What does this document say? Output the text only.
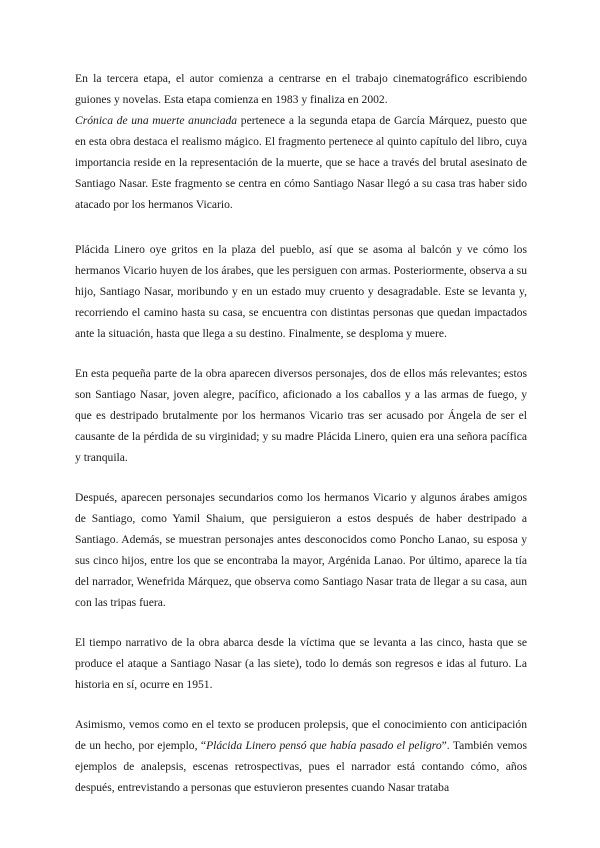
En la tercera etapa, el autor comienza a centrarse en el trabajo cinematográfico escribiendo guiones y novelas. Esta etapa comienza en 1983 y finaliza en 2002.

Crónica de una muerte anunciada pertenece a la segunda etapa de García Márquez, puesto que en esta obra destaca el realismo mágico. El fragmento pertenece al quinto capítulo del libro, cuya importancia reside en la representación de la muerte, que se hace a través del brutal asesinato de Santiago Nasar. Este fragmento se centra en cómo Santiago Nasar llegó a su casa tras haber sido atacado por los hermanos Vicario.

Plácida Linero oye gritos en la plaza del pueblo, así que se asoma al balcón y ve cómo los hermanos Vicario huyen de los árabes, que les persiguen con armas. Posteriormente, observa a su hijo, Santiago Nasar, moribundo y en un estado muy cruento y desagradable. Este se levanta y, recorriendo el camino hasta su casa, se encuentra con distintas personas que quedan impactados ante la situación, hasta que llega a su destino. Finalmente, se desploma y muere.

En esta pequeña parte de la obra aparecen diversos personajes, dos de ellos más relevantes; estos son Santiago Nasar, joven alegre, pacífico, aficionado a los caballos y a las armas de fuego, y que es destripado brutalmente por los hermanos Vicario tras ser acusado por Ángela de ser el causante de la pérdida de su virginidad; y su madre Plácida Linero, quien era una señora pacífica y tranquila.

Después, aparecen personajes secundarios como los hermanos Vicario y algunos árabes amigos de Santiago, como Yamil Shaium, que persiguieron a estos después de haber destripado a Santiago. Además, se muestran personajes antes desconocidos como Poncho Lanao, su esposa y sus cinco hijos, entre los que se encontraba la mayor, Argénida Lanao. Por último, aparece la tía del narrador, Wenefrida Márquez, que observa como Santiago Nasar trata de llegar a su casa, aun con las tripas fuera.

El tiempo narrativo de la obra abarca desde la víctima que se levanta a las cinco, hasta que se produce el ataque a Santiago Nasar (a las siete), todo lo demás son regresos e idas al futuro. La historia en sí, ocurre en 1951.

Asimismo, vemos como en el texto se producen prolepsis, que el conocimiento con anticipación de un hecho, por ejemplo, “Plácida Linero pensó que había pasado el peligro”. También vemos ejemplos de analepsis, escenas retrospectivas, pues el narrador está contando cómo, años después, entrevistando a personas que estuvieron presentes cuando Nasar trataba
